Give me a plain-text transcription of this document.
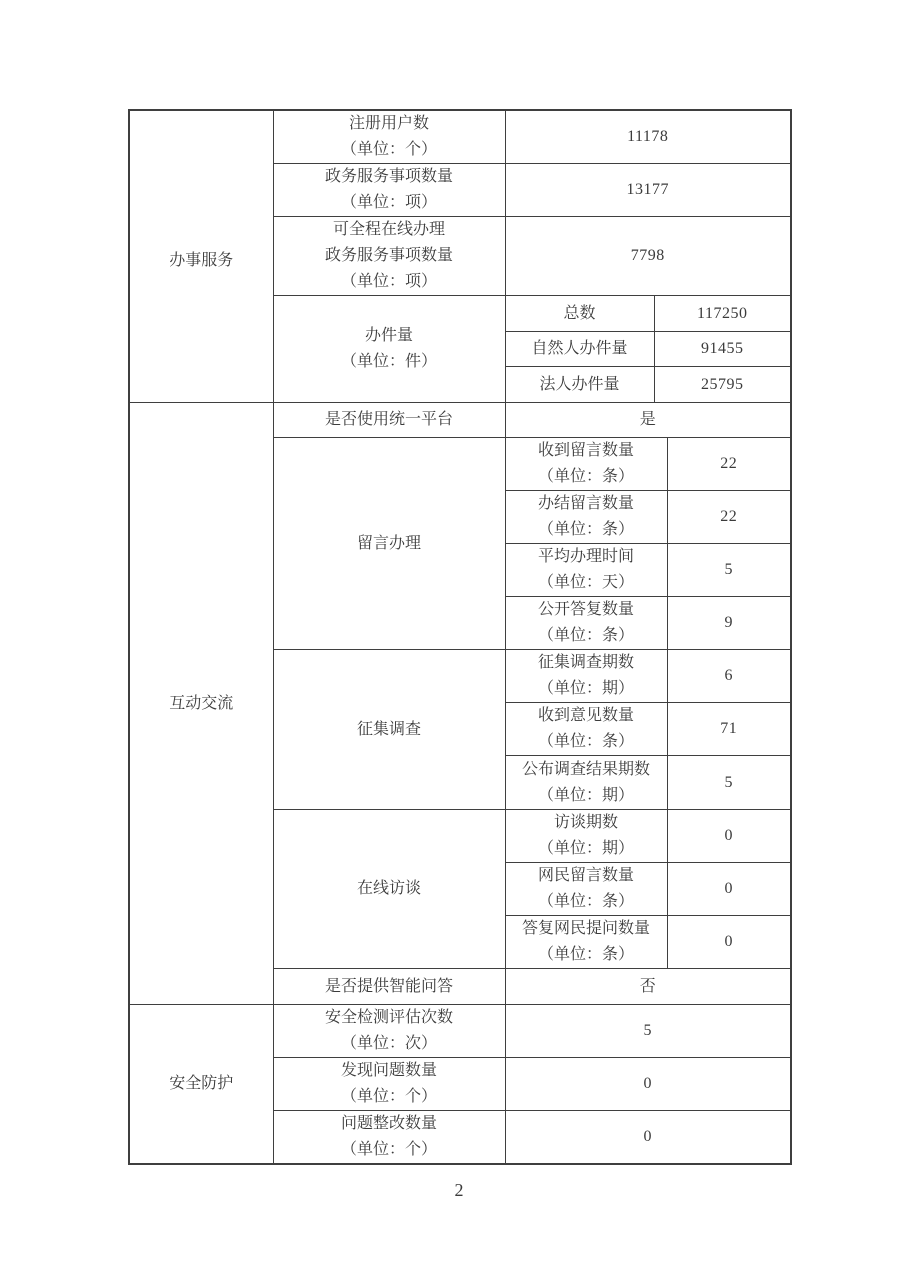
办事服务	注册用户数
（单位：个）	11178		

	政务服务事项数量
（单位：项）	13177		

	可全程在线办理
政务服务事项数量
（单位：项）	7798		

	办件量
（单位：件）	总数	117250	
		自然人办件量	91455	
		法人办件量	25795	

互动交流	是否使用统一平台	是		
	留言办理	收到留言数量
（单位：条）		22

		办结留言数量
（单位：条）		22

		平均办理时间
（单位：天）		5

		公开答复数量
（单位：条）		9
	征集调查	征集调查期数
（单位：期）		6

		收到意见数量
（单位：条）		71

		公布调查结果期数
（单位：期）		5
	在线访谈	访谈期数
（单位：期）		0

		网民留言数量
（单位：条）		0

		答复网民提问数量
（单位：条）		0
	是否提供智能问答	否		

安全防护	安全检测评估次数
（单位：次）	5		

	发现问题数量
（单位：个）	0		

	问题整改数量
（单位：个）	0		
2
